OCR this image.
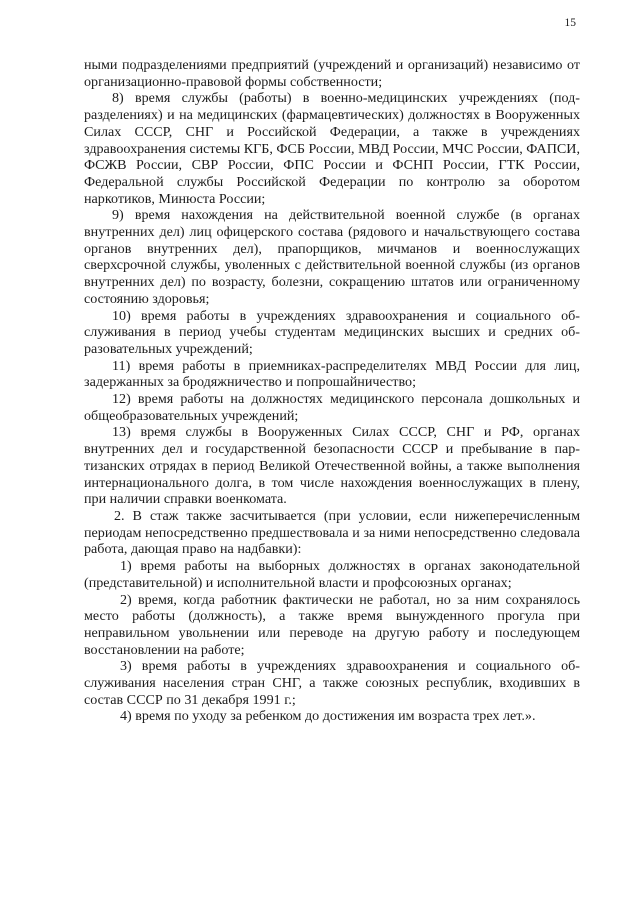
15

ными подразделениями предприятий (учреждений и организаций) независимо от организационно-правовой формы собственности;

8) время службы (работы) в военно-медицинских учреждениях (подразделениях) и на медицинских (фармацевтических) должностях в Вооруженных Силах СССР, СНГ и Российской Федерации, а также в учреждениях здравоохранения системы КГБ, ФСБ России, МВД России, МЧС России, ФАПСИ, ФСЖВ России, СВР России, ФПС России и ФСНП России, ГТК России, Федеральной службы Российской Федерации по контролю за оборотом наркотиков, Минюста России;

9) время нахождения на действительной военной службе (в органах внутренних дел) лиц офицерского состава (рядового и начальствующего состава органов внутренних дел), прапорщиков, мичманов и военнослужащих сверхсрочной службы, уволенных с действительной военной службы (из органов внутренних дел) по возрасту, болезни, сокращению штатов или ограниченному состоянию здоровья;

10) время работы в учреждениях здравоохранения и социального обслуживания в период учебы студентам медицинских высших и средних образовательных учреждений;

11) время работы в приемниках-распределителях МВД России для лиц, задержанных за бродяжничество и попрошайничество;

12) время работы на должностях медицинского персонала дошкольных и общеобразовательных учреждений;

13) время службы в Вооруженных Силах СССР, СНГ и РФ, органах внутренних дел и государственной безопасности СССР и пребывание в партизанских отрядах в период Великой Отечественной войны, а также выполнения интернационального долга, в том числе нахождения военнослужащих в плену, при наличии справки военкомата.

2. В стаж также засчитывается (при условии, если нижеперечисленным периодам непосредственно предшествовала и за ними непосредственно следовала работа, дающая право на надбавки):

1) время работы на выборных должностях в органах законодательной (представительной) и исполнительной власти и профсоюзных органах;

2) время, когда работник фактически не работал, но за ним сохранялось место работы (должность), а также время вынужденного прогула при неправильном увольнении или переводе на другую работу и последующем восстановлении на работе;

3) время работы в учреждениях здравоохранения и социального обслуживания населения стран СНГ, а также союзных республик, входивших в состав СССР по 31 декабря 1991 г.;

4) время по уходу за ребенком до достижения им возраста трех лет.».
